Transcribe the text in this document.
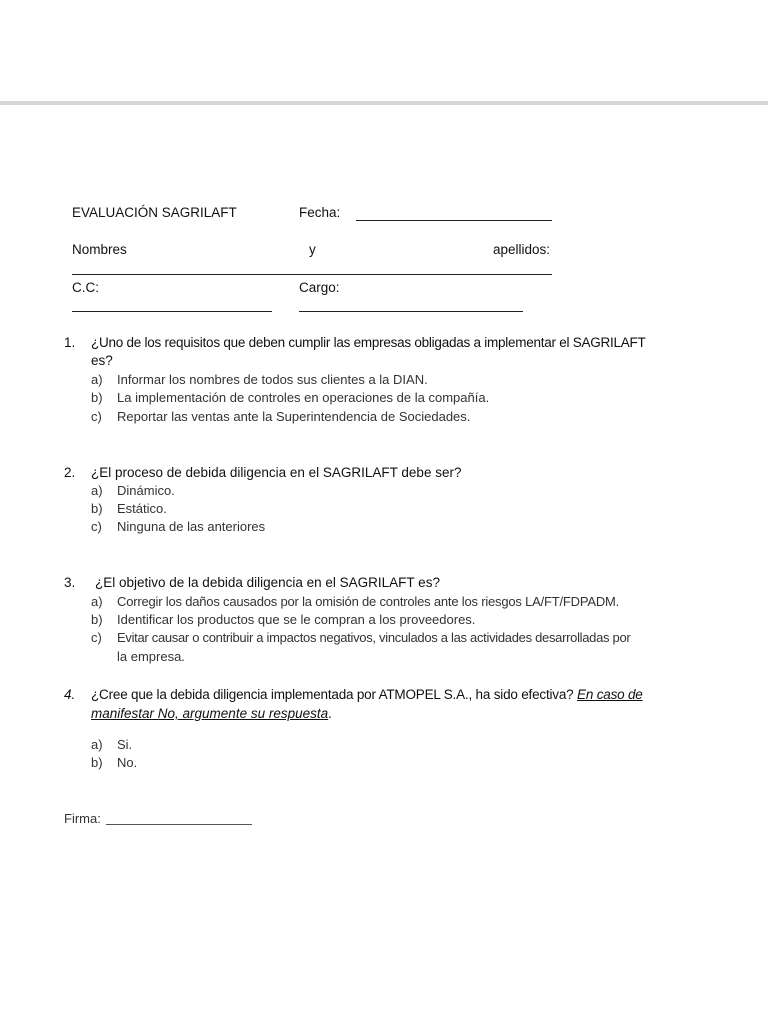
EVALUACIÓN SAGRILAFT	Fecha:
Nombres	y	apellidos:
C.C:	Cargo:
1. ¿Uno de los requisitos que deben cumplir las empresas obligadas a implementar el SAGRILAFT
es?
a) Informar los nombres de todos sus clientes a la DIAN.
b) La implementación de controles en operaciones de la compañía.
c) Reportar las ventas ante la Superintendencia de Sociedades.
2. ¿El proceso de debida diligencia en el SAGRILAFT debe ser?
a) Dinámico.
b) Estático.
c) Ninguna de las anteriores
3. ¿El objetivo de la debida diligencia en el SAGRILAFT es?
a) Corregir los daños causados por la omisión de controles ante los riesgos LA/FT/FDPADM.
b) Identificar los productos que se le compran a los proveedores.
c) Evitar causar o contribuir a impactos negativos, vinculados a las actividades desarrolladas por
la empresa.
4. ¿Cree que la debida diligencia implementada por ATMOPEL S.A., ha sido efectiva? En caso de
manifestar No, argumente su respuesta.
a) Si.
b) No.
Firma:
